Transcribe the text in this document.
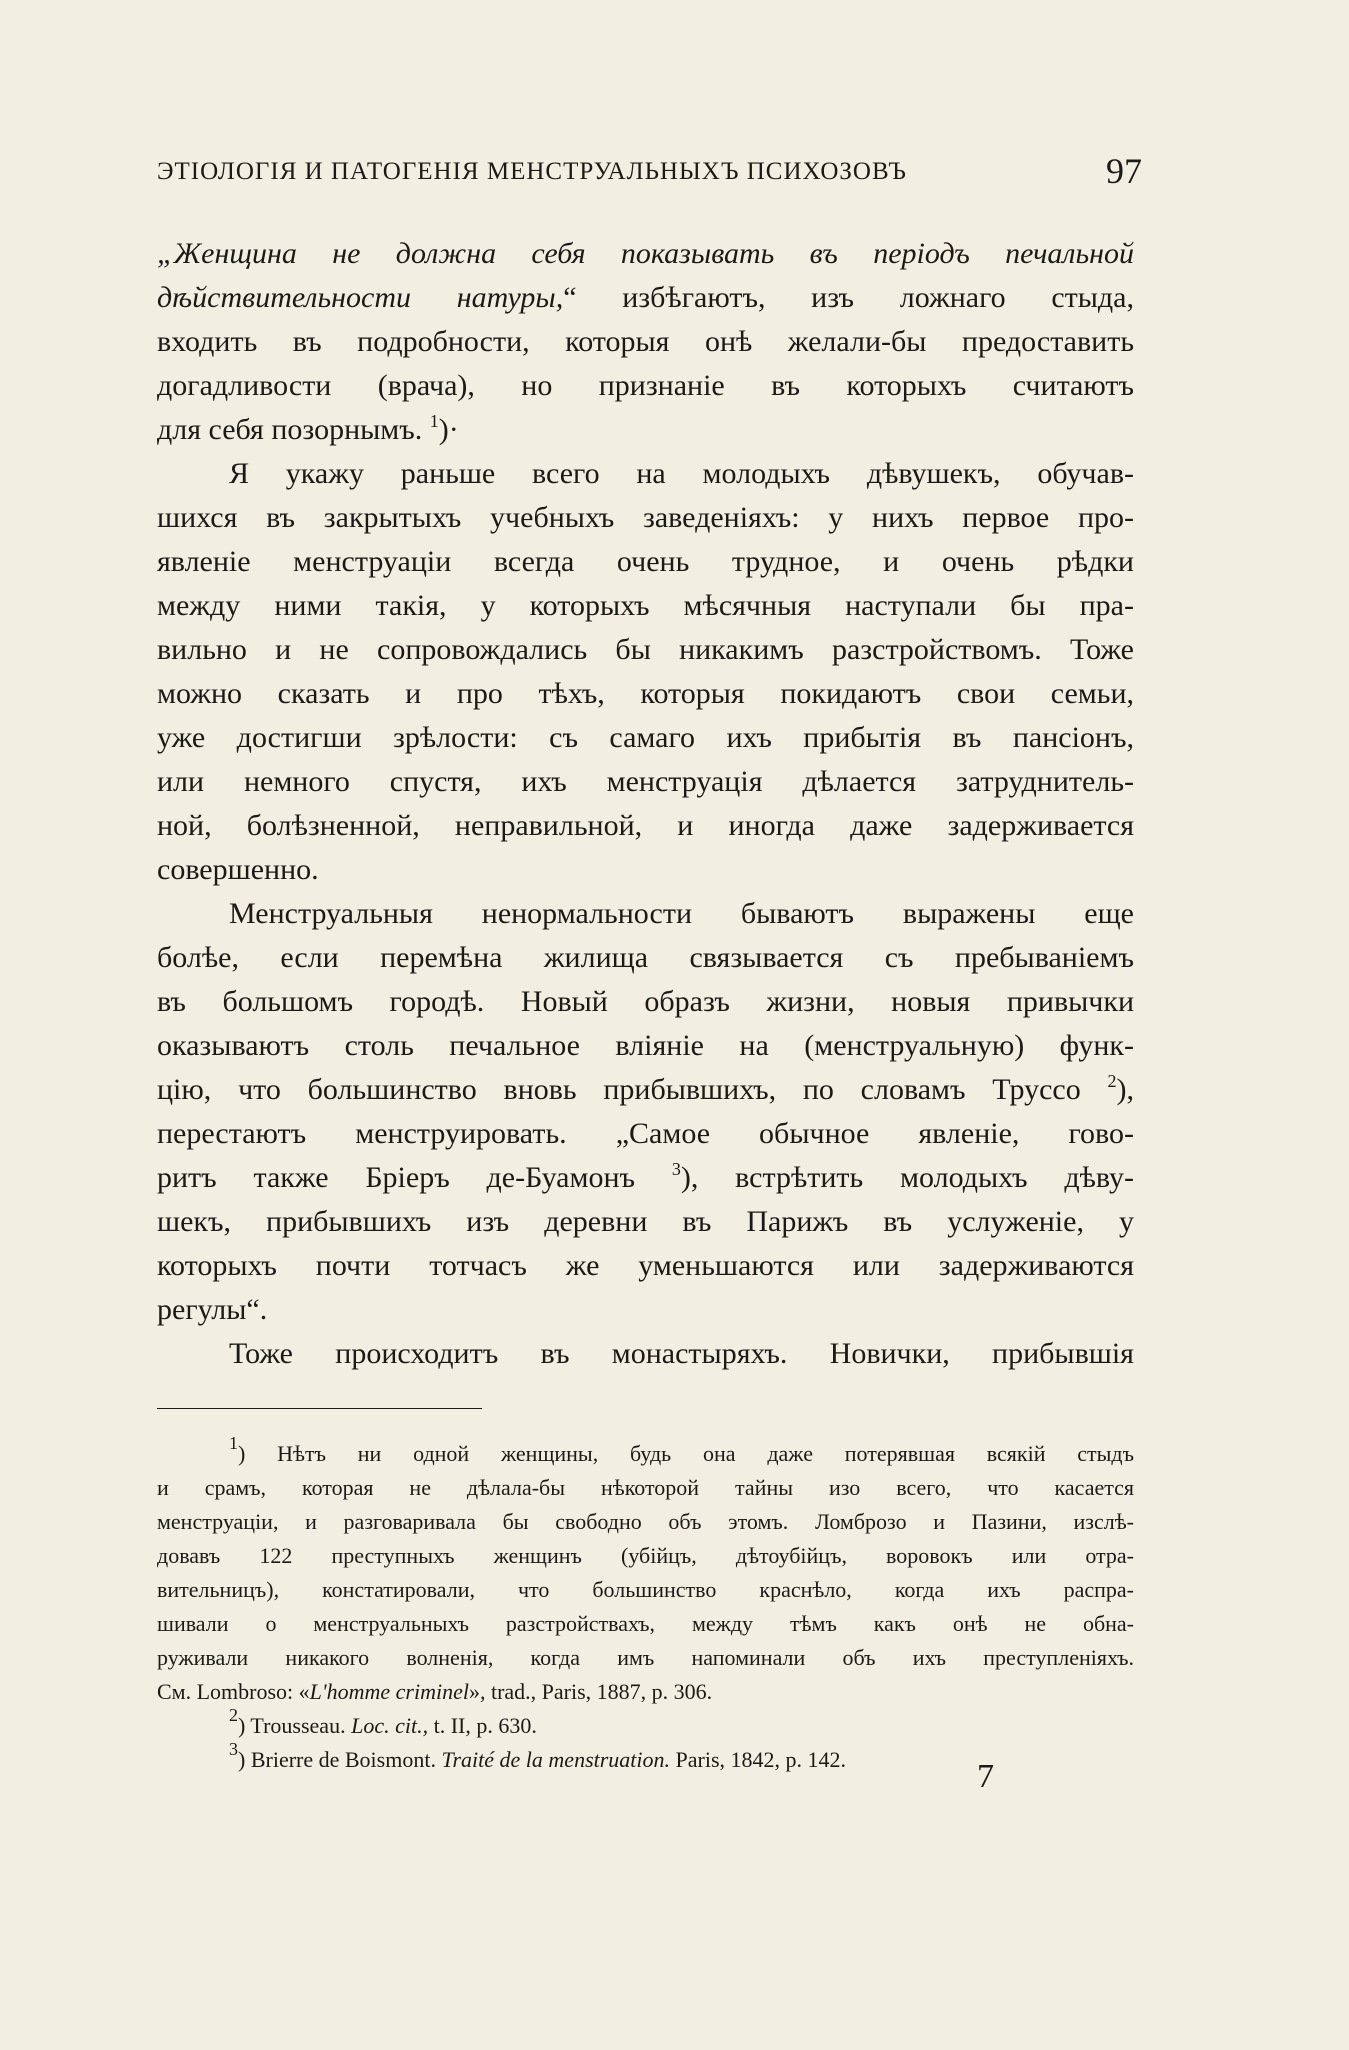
ЭТІОЛОГІЯ И ПАТОГЕНІЯ МЕНСТРУАЛЬНЫХЪ ПСИХОЗОВЪ	97
„Женщина не должна себя показывать въ періодъ печальной
дѣйствительности натуры,“ избѣгаютъ, изъ ложнаго стыда,
входить въ подробности, которыя онѣ желали-бы предоставить
догадливости (врача), но признаніе въ которыхъ считаютъ
для себя позорнымъ. $^1$)·
Я укажу раньше всего на молодыхъ дѣвушекъ, обучав-
шихся въ закрытыхъ учебныхъ заведеніяхъ: у нихъ первое про-
явленіе менструаціи всегда очень трудное, и очень рѣдки
между ними такія, у которыхъ мѣсячныя наступали бы пра-
вильно и не сопровождались бы никакимъ разстройствомъ. Тоже
можно сказать и про тѣхъ, которыя покидаютъ свои семьи,
уже достигши зрѣлости: съ самаго ихъ прибытія въ пансіонъ,
или немного спустя, ихъ менструація дѣлается затруднитель-
ной, болѣзненной, неправильной, и иногда даже задерживается
совершенно.
Менструальныя ненормальности бываютъ выражены еще
болѣе, если перемѣна жилища связывается съ пребываніемъ
въ большомъ городѣ. Новый образъ жизни, новыя привычки
оказываютъ столь печальное вліяніе на (менструальную) функ-
цію, что большинство вновь прибывшихъ, по словамъ Труссо $^2$),
перестаютъ менструировать. „Самое обычное явленіе, гово-
ритъ также Бріеръ де-Буамонъ $^3$), встрѣтить молодыхъ дѣву-
шекъ, прибывшихъ изъ деревни въ Парижъ въ услуженіе, у
которыхъ почти тотчасъ же уменьшаются или задерживаются
регулы“.
Тоже происходитъ въ монастыряхъ. Новички, прибывшія
$^1$) Нѣтъ ни одной женщины, будь она даже потерявшая всякій стыдъ
и срамъ, которая не дѣлала-бы нѣкоторой тайны изо всего, что касается
менструаціи, и разговаривала бы свободно объ этомъ. Ломброзо и Пазини, изслѣ-
довавъ 122 преступныхъ женщинъ (убійцъ, дѣтоубійцъ, воровокъ или отра-
вительницъ), констатировали, что большинство краснѣло, когда ихъ распра-
шивали о менструальныхъ разстройствахъ, между тѣмъ какъ онѣ не обна-
руживали никакого волненія, когда имъ напоминали объ ихъ преступленіяхъ.
См. Lombroso: «L'homme criminel», trad., Paris, 1887, p. 306.
$^2$) Trousseau. Loc. cit., t. II, p. 630.
$^3$) Brierre de Boismont. Traité de la menstruation. Paris, 1842, p. 142.	7
